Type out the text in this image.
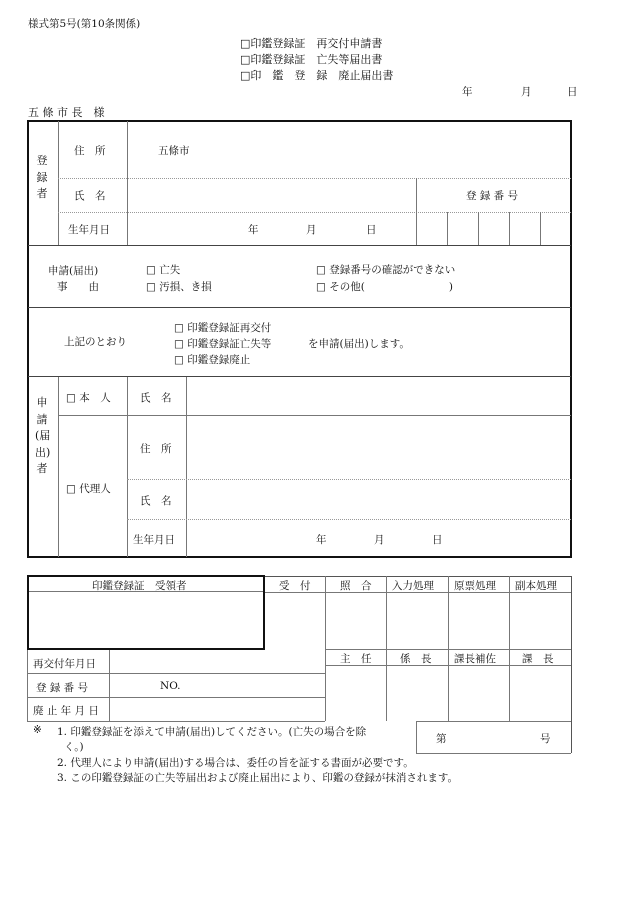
様式第5号(第10条関係)
□印鑑登録証　再交付申請書
□印鑑登録証　亡失等届出書
□印　鑑　登　録　廃止届出書
年	月	日
五 條 市 長　様
登録者
住　所	五條市
氏　名	登 録 番 号
生年月日	年	月	日
申請(届出)
事　　由
□ 亡失
□ 汚損、き損
□ 登録番号の確認ができない
□ その他(　　　　　　　　)
上記のとおり
□ 印鑑登録証再交付
□ 印鑑登録証亡失等
□ 印鑑登録廃止
を申請(届出)します。
申請(届出)者
□ 本　人	氏　名
□ 代理人
住　所
氏　名
生年月日	年	月	日
受　付	照　合 入力処理 原票処理 副本処理
主　任	係　長 課長補佐 課　長
印鑑登録証　受領者
再交付年月日
登 録 番 号	NO.
廃 止 年 月 日
第	号
※ 1. 印鑑登録証を添えて申請(届出)してください。(亡失の場合を除
く。)
2. 代理人により申請(届出)する場合は、委任の旨を証する書面が必要です。
3. この印鑑登録証の亡失等届出および廃止届出により、印鑑の登録が抹消されます。
